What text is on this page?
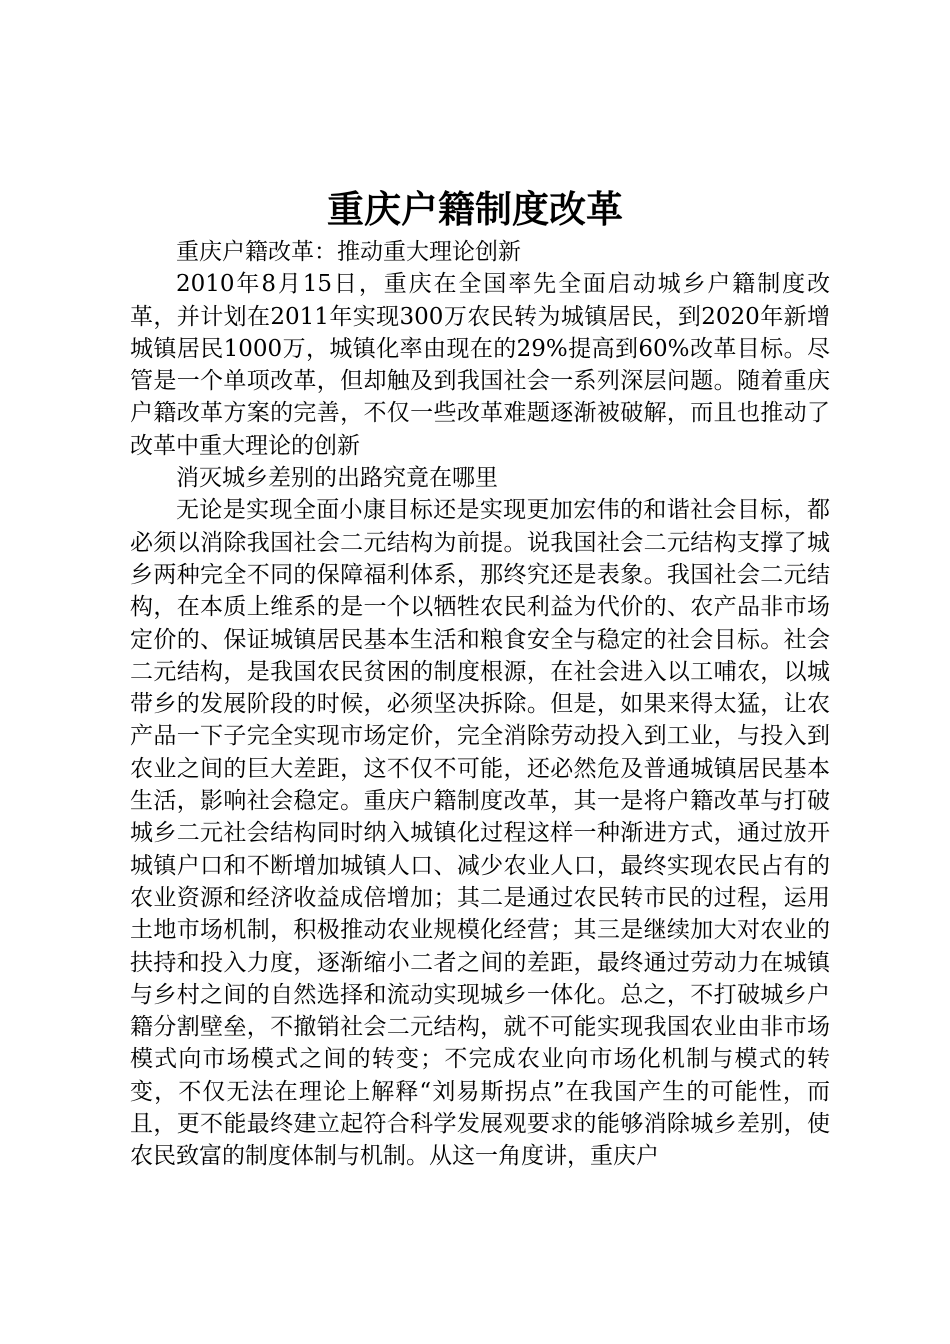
重庆户籍制度改革

重庆户籍改革：推动重大理论创新

2010年8月15日，重庆在全国率先全面启动城乡户籍制度改革，并计划在2011年实现300万农民转为城镇居民，到2020年新增城镇居民1000万，城镇化率由现在的29%提高到60%改革目标。尽管是一个单项改革，但却触及到我国社会一系列深层问题。随着重庆户籍改革方案的完善，不仅一些改革难题逐渐被破解，而且也推动了改革中重大理论的创新

消灭城乡差别的出路究竟在哪里

无论是实现全面小康目标还是实现更加宏伟的和谐社会目标，都必须以消除我国社会二元结构为前提。说我国社会二元结构支撑了城乡两种完全不同的保障福利体系，那终究还是表象。我国社会二元结构，在本质上维系的是一个以牺牲农民利益为代价的、农产品非市场定价的、保证城镇居民基本生活和粮食安全与稳定的社会目标。社会二元结构，是我国农民贫困的制度根源，在社会进入以工哺农，以城带乡的发展阶段的时候，必须坚决拆除。但是，如果来得太猛，让农产品一下子完全实现市场定价，完全消除劳动投入到工业，与投入到农业之间的巨大差距，这不仅不可能，还必然危及普通城镇居民基本生活，影响社会稳定。重庆户籍制度改革，其一是将户籍改革与打破城乡二元社会结构同时纳入城镇化过程这样一种渐进方式，通过放开城镇户口和不断增加城镇人口、减少农业人口，最终实现农民占有的农业资源和经济收益成倍增加；其二是通过农民转市民的过程，运用土地市场机制，积极推动农业规模化经营；其三是继续加大对农业的扶持和投入力度，逐渐缩小二者之间的差距，最终通过劳动力在城镇与乡村之间的自然选择和流动实现城乡一体化。总之，不打破城乡户籍分割壁垒，不撤销社会二元结构，就不可能实现我国农业由非市场模式向市场模式之间的转变；不完成农业向市场化机制与模式的转变，不仅无法在理论上解释“刘易斯拐点”在我国产生的可能性，而且，更不能最终建立起符合科学发展观要求的能够消除城乡差别，使农民致富的制度体制与机制。从这一角度讲，重庆户
